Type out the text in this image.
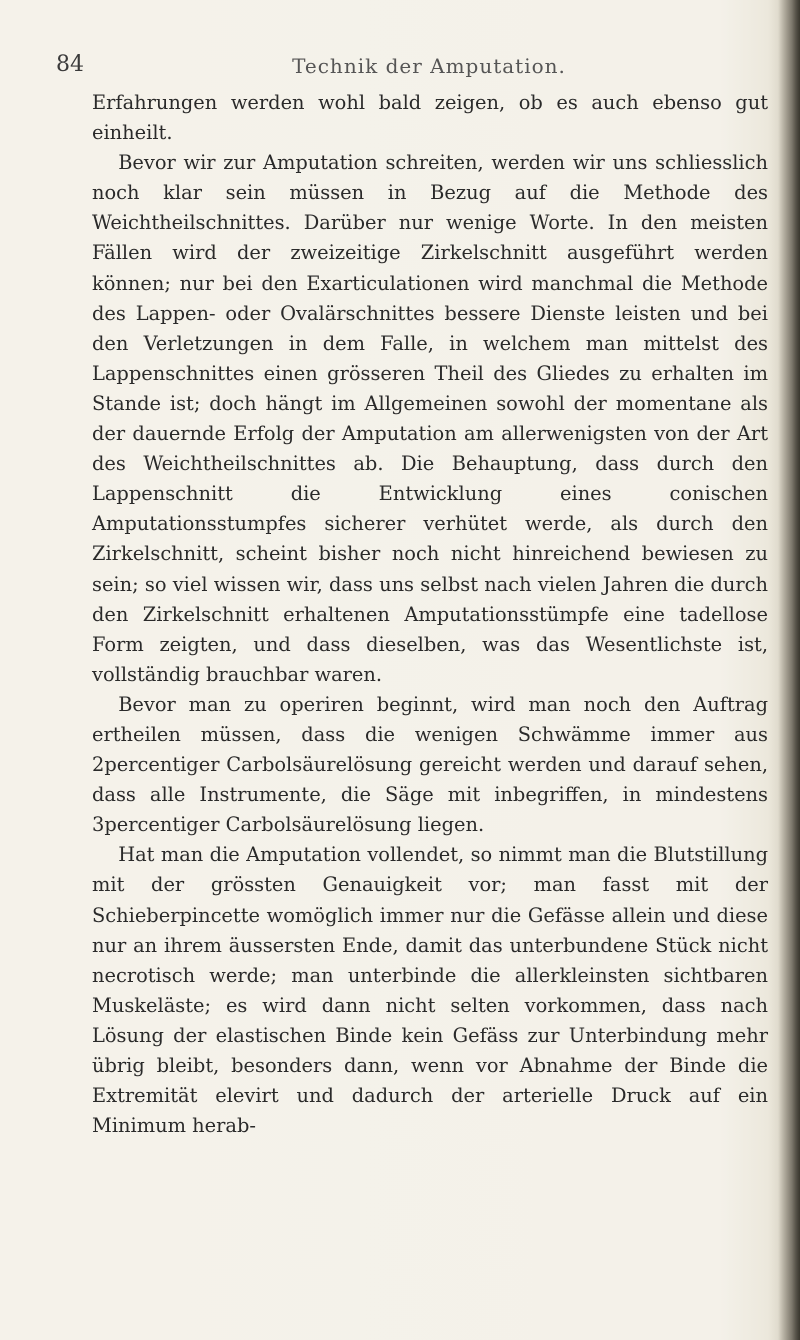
84	Technik der Amputation.

Erfahrungen werden wohl bald zeigen, ob es auch ebenso gut einheilt.

Bevor wir zur Amputation schreiten, werden wir uns schliesslich noch klar sein müssen in Bezug auf die Methode des Weichtheilschnittes. Darüber nur wenige Worte. In den meisten Fällen wird der zweizeitige Zirkelschnitt ausgeführt werden können; nur bei den Exarticulationen wird manchmal die Methode des Lappen- oder Ovalärschnittes bessere Dienste leisten und bei den Verletzungen in dem Falle, in welchem man mittelst des Lappenschnittes einen grösseren Theil des Gliedes zu erhalten im Stande ist; doch hängt im Allgemeinen sowohl der momentane als der dauernde Erfolg der Amputation am allerwenigsten von der Art des Weichtheilschnittes ab. Die Behauptung, dass durch den Lappenschnitt die Entwicklung eines conischen Amputationsstumpfes sicherer verhütet werde, als durch den Zirkelschnitt, scheint bisher noch nicht hinreichend bewiesen zu sein; so viel wissen wir, dass uns selbst nach vielen Jahren die durch den Zirkelschnitt erhaltenen Amputationsstümpfe eine tadellose Form zeigten, und dass dieselben, was das Wesentlichste ist, vollständig brauchbar waren.

Bevor man zu operiren beginnt, wird man noch den Auftrag ertheilen müssen, dass die wenigen Schwämme immer aus 2percentiger Carbolsäurelösung gereicht werden und darauf sehen, dass alle Instrumente, die Säge mit inbegriffen, in mindestens 3percentiger Carbolsäurelösung liegen.

Hat man die Amputation vollendet, so nimmt man die Blutstillung mit der grössten Genauigkeit vor; man fasst mit der Schieberpincette womöglich immer nur die Gefässe allein und diese nur an ihrem äussersten Ende, damit das unterbundene Stück nicht necrotisch werde; man unterbinde die allerkleinsten sichtbaren Muskeläste; es wird dann nicht selten vorkommen, dass nach Lösung der elastischen Binde kein Gefäss zur Unterbindung mehr übrig bleibt, besonders dann, wenn vor Abnahme der Binde die Extremität elevirt und dadurch der arterielle Druck auf ein Minimum herab-
